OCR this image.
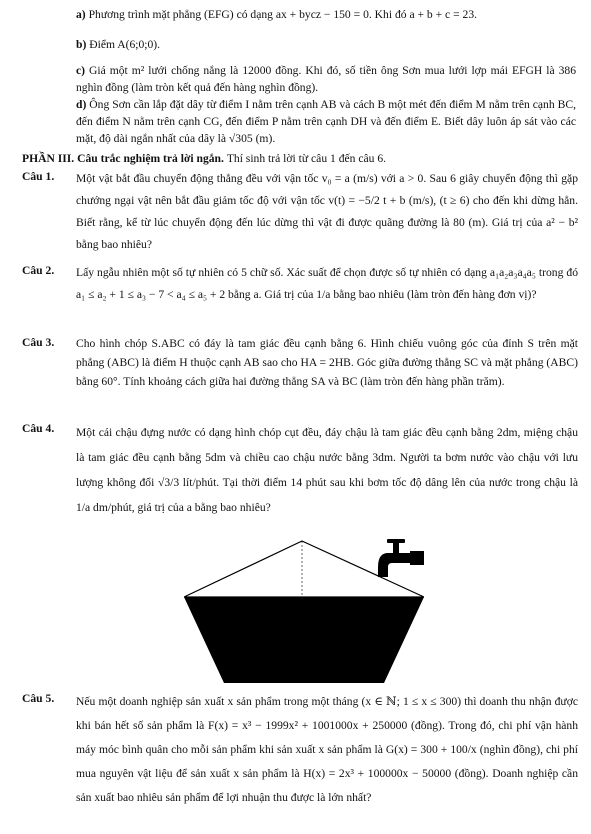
a) Phương trình mặt phẳng (EFG) có dạng ax + bycz − 150 = 0. Khi đó a + b + c = 23.
b) Điểm A(6;0;0).
c) Giá một m² lưới chống nắng là 12000 đồng. Khi đó, số tiền ông Sơn mua lưới lợp mái EFGH là 386 nghìn đồng (làm tròn kết quả đến hàng nghìn đồng).
d) Ông Sơn cần lắp đặt dây từ điểm I nằm trên cạnh AB và cách B một mét đến điểm M nằm trên cạnh BC, đến điểm N nằm trên cạnh CG, đến điểm P nằm trên cạnh DH và đến điểm E. Biết dây luôn áp sát vào các mặt, độ dài ngắn nhất của dây là √305 (m).
PHẦN III. Câu trắc nghiệm trả lời ngắn. Thí sinh trả lời từ câu 1 đến câu 6.
Câu 1. Một vật bắt đầu chuyển động thẳng đều với vận tốc v₀ = a (m/s) với a > 0. Sau 6 giây chuyển động thì gặp chướng ngại vật nên bắt đầu giảm tốc độ với vận tốc v(t) = −5/2 t + b (m/s), (t ≥ 6) cho đến khi dừng hẳn. Biết rằng, kể từ lúc chuyển động đến lúc dừng thì vật đi được quãng đường là 80 (m). Giá trị của a² − b² bằng bao nhiêu?
Câu 2. Lấy ngẫu nhiên một số tự nhiên có 5 chữ số. Xác suất để chọn được số tự nhiên có dạng a₁a₂a₃a₄a₅ trong đó a₁ ≤ a₂ + 1 ≤ a₃ − 7 < a₄ ≤ a₅ + 2 bằng a. Giá trị của 1/a bằng bao nhiêu (làm tròn đến hàng đơn vị)?
Câu 3. Cho hình chóp S.ABC có đáy là tam giác đều cạnh bằng 6. Hình chiếu vuông góc của đỉnh S trên mặt phẳng (ABC) là điểm H thuộc cạnh AB sao cho HA = 2HB. Góc giữa đường thẳng SC và mặt phẳng (ABC) bằng 60°. Tính khoảng cách giữa hai đường thẳng SA và BC (làm tròn đến hàng phần trăm).
Câu 4. Một cái chậu đựng nước có dạng hình chóp cụt đều, đáy chậu là tam giác đều cạnh bằng 2dm, miệng chậu là tam giác đều cạnh bằng 5dm và chiều cao chậu nước bằng 3dm. Người ta bơm nước vào chậu với lưu lượng không đổi √3/3 lít/phút. Tại thời điểm 14 phút sau khi bơm tốc độ dâng lên của nước trong chậu là 1/a dm/phút, giá trị của a bằng bao nhiêu?
Câu 5. Nếu một doanh nghiệp sản xuất x sản phẩm trong một tháng (x ∈ ℕ; 1 ≤ x ≤ 300) thì doanh thu nhận được khi bán hết số sản phẩm là F(x) = x³ − 1999x² + 1001000x + 250000 (đồng). Trong đó, chi phí vận hành máy móc bình quân cho mỗi sản phẩm khi sản xuất x sản phẩm là G(x) = 300 + 100/x (nghìn đồng), chi phí mua nguyên vật liệu để sản xuất x sản phẩm là H(x) = 2x³ + 100000x − 50000 (đồng). Doanh nghiệp cần sản xuất bao nhiêu sản phẩm để lợi nhuận thu được là lớn nhất?
